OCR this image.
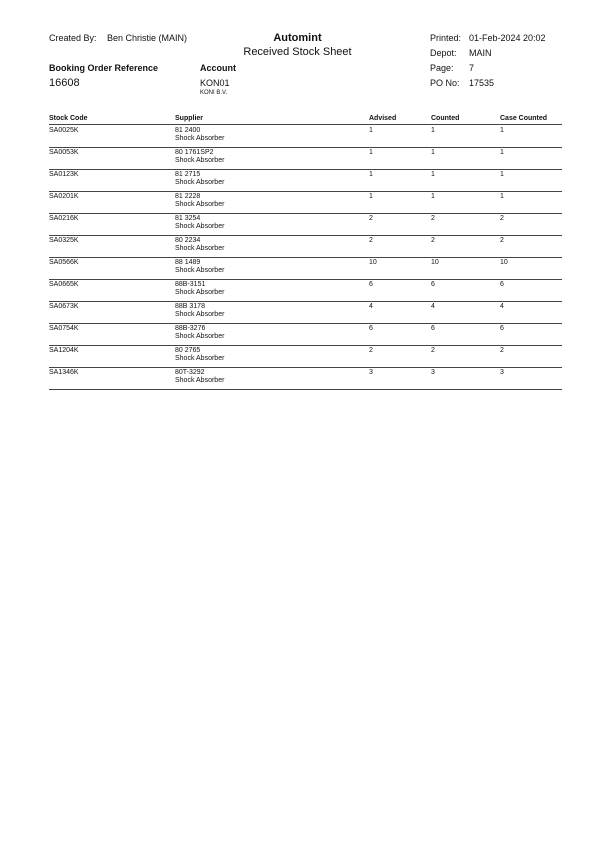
Created By: Ben Christie (MAIN)	Automint
Received Stock Sheet
Printed: 01-Feb-2024 20:02
Depot: MAIN
Page: 7
PO No: 17535
Booking Order Reference
16608
Account
KON01
KONI B.V.
Stock Code	Supplier	Advised	Counted	Case Counted
SA0025K	81 2400
Shock Absorber
1	1	1
SA0053K	80 1761SP2
Shock Absorber
1	1	1
SA0123K	81 2715
Shock Absorber
1	1	1
SA0201K	81 2228
Shock Absorber
1	1	1
SA0216K	81 3254
Shock Absorber
2	2	2
SA0325K	80 2234
Shock Absorber
2	2	2
SA0566K	88 1489
Shock Absorber
10	10	10
SA0665K	88B-3151
Shock Absorber
6	6	6
SA0673K	88B 3178
Shock Absorber
4	4	4
SA0754K	88B-3276
Shock Absorber
6	6	6
SA1204K	80 2765
Shock Absorber
2	2	2
SA1346K	80T-3292
Shock Absorber
3	3	3
